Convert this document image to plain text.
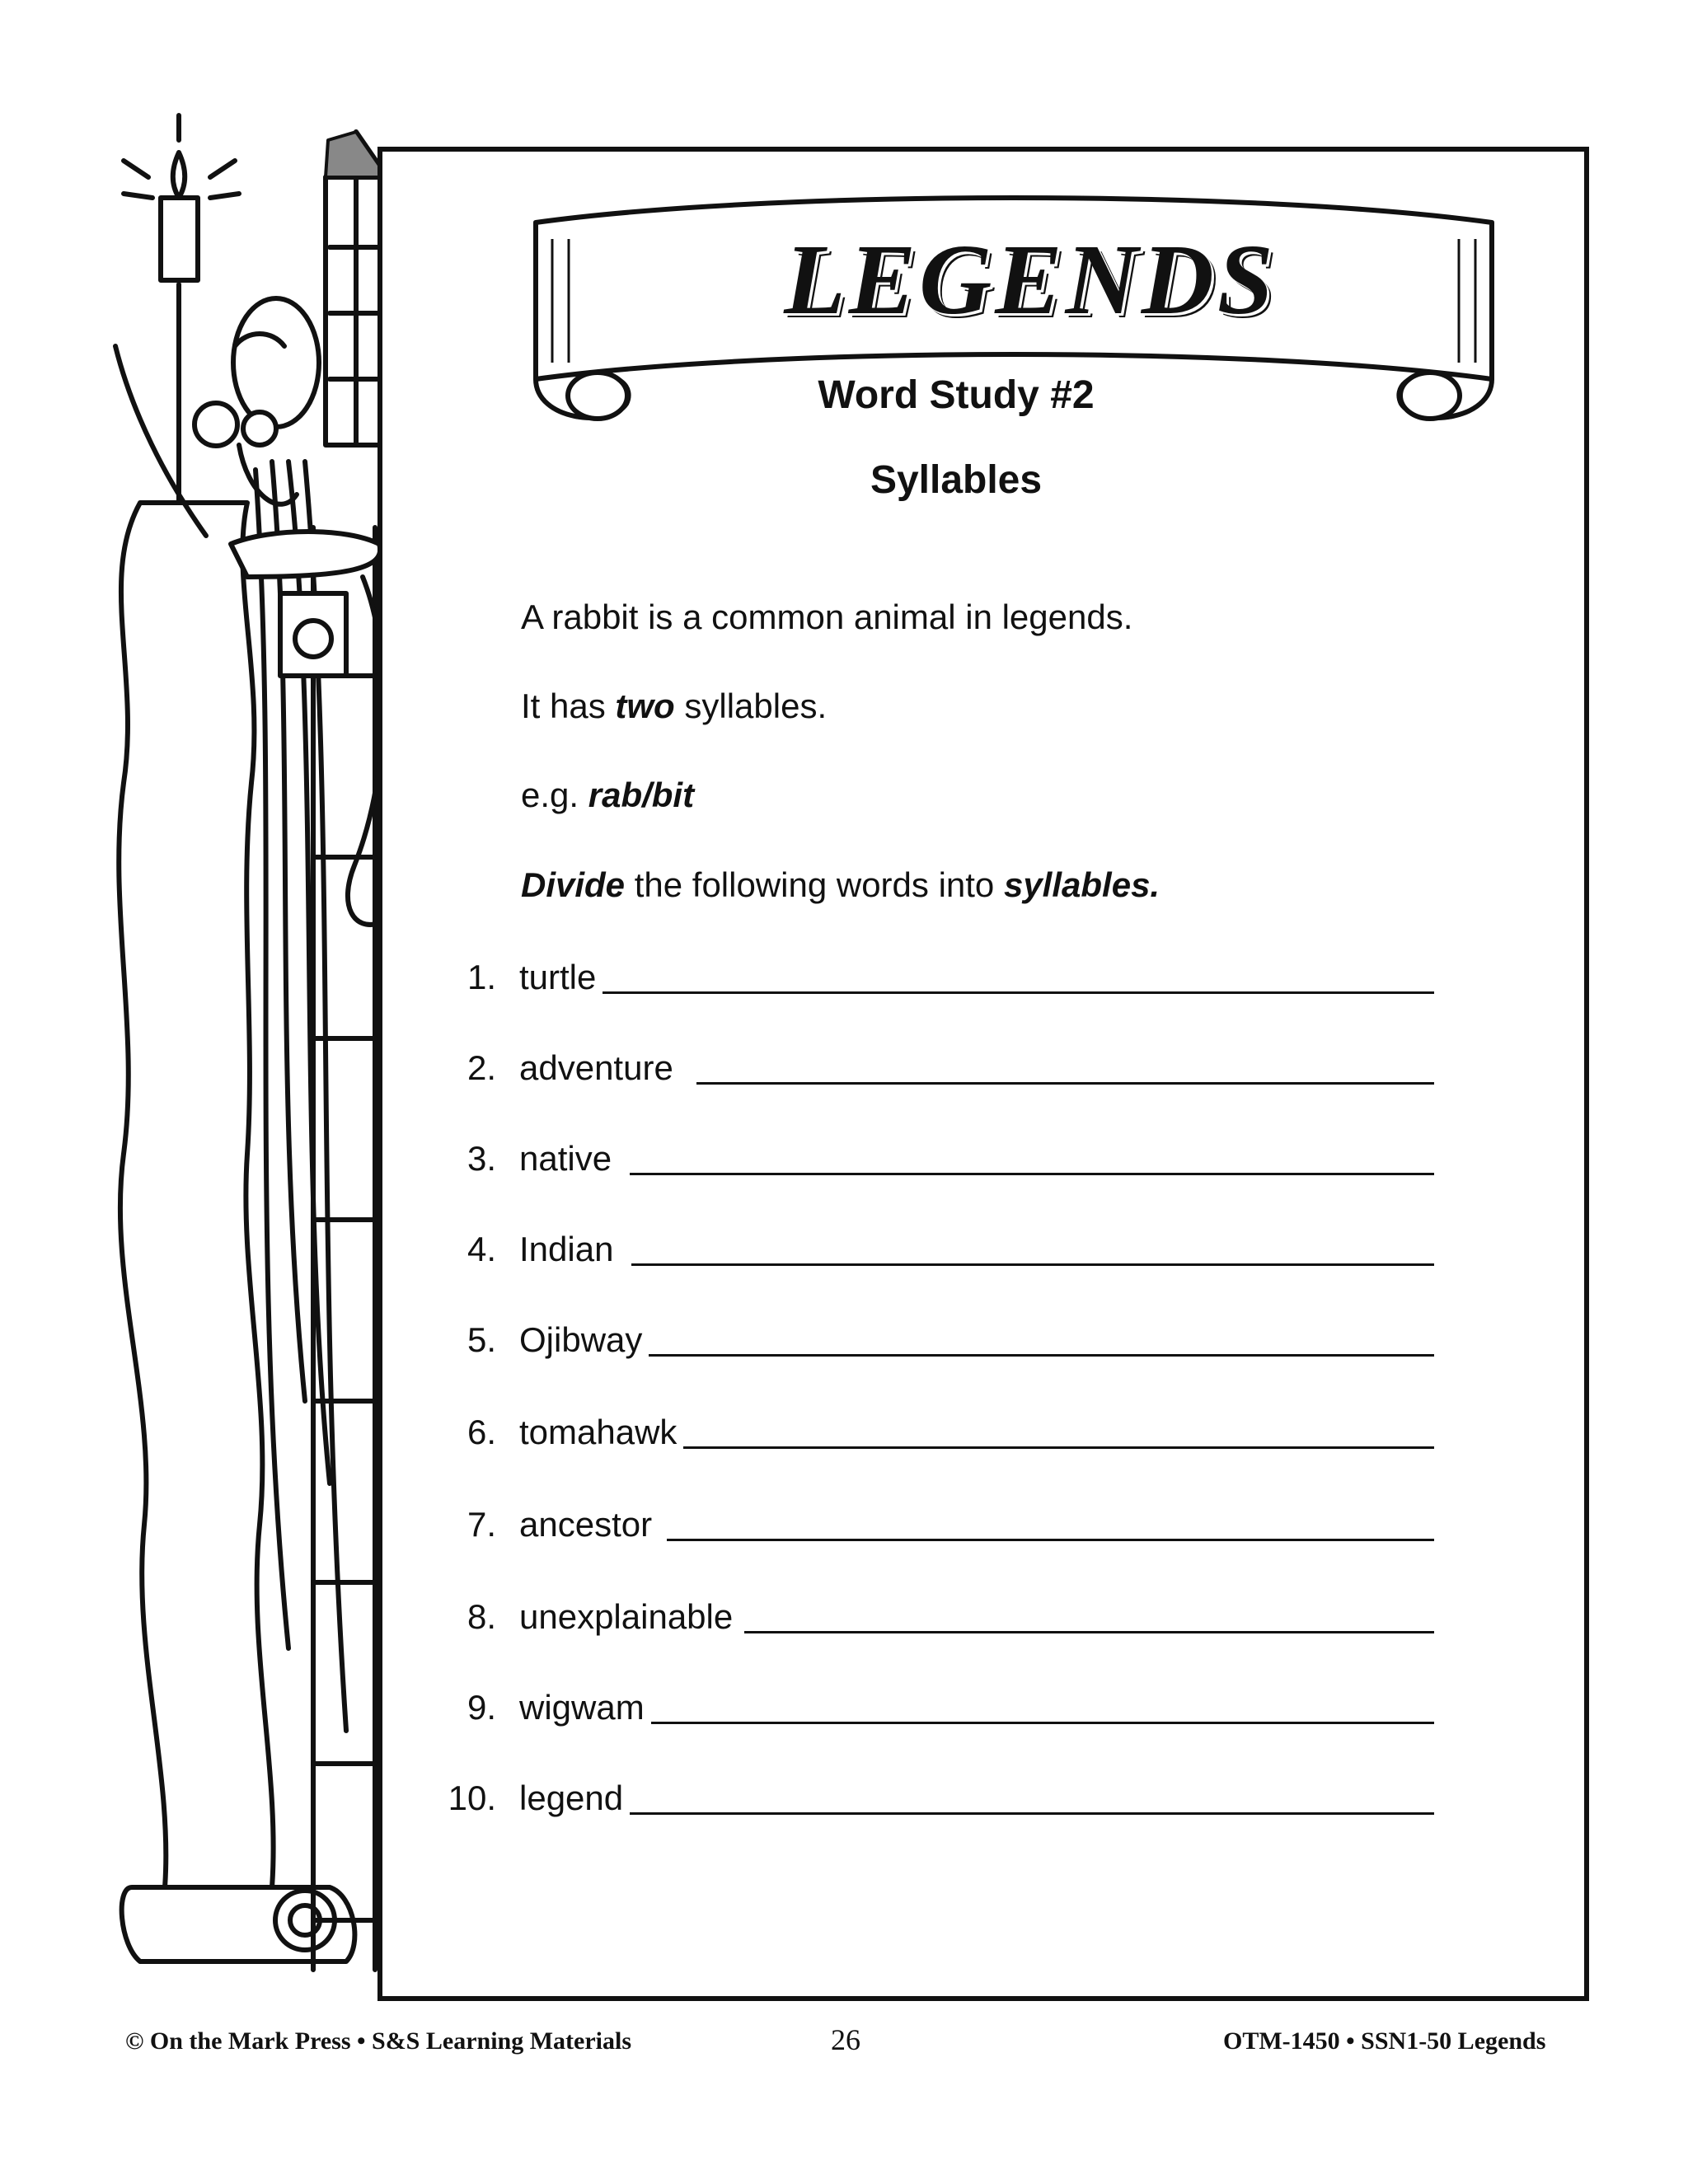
LEGENDS
Word Study #2
Syllables
A rabbit is a common animal in legends.
It has two syllables.
e.g. rab/bit
Divide the following words into syllables.
1. turtle
2. adventure
3. native
4. Indian
5. Ojibway
6. tomahawk
7. ancestor
8. unexplainable
9. wigwam
10. legend
© On the Mark Press • S&S Learning Materials	26	OTM-1450 • SSN1-50 Legends
